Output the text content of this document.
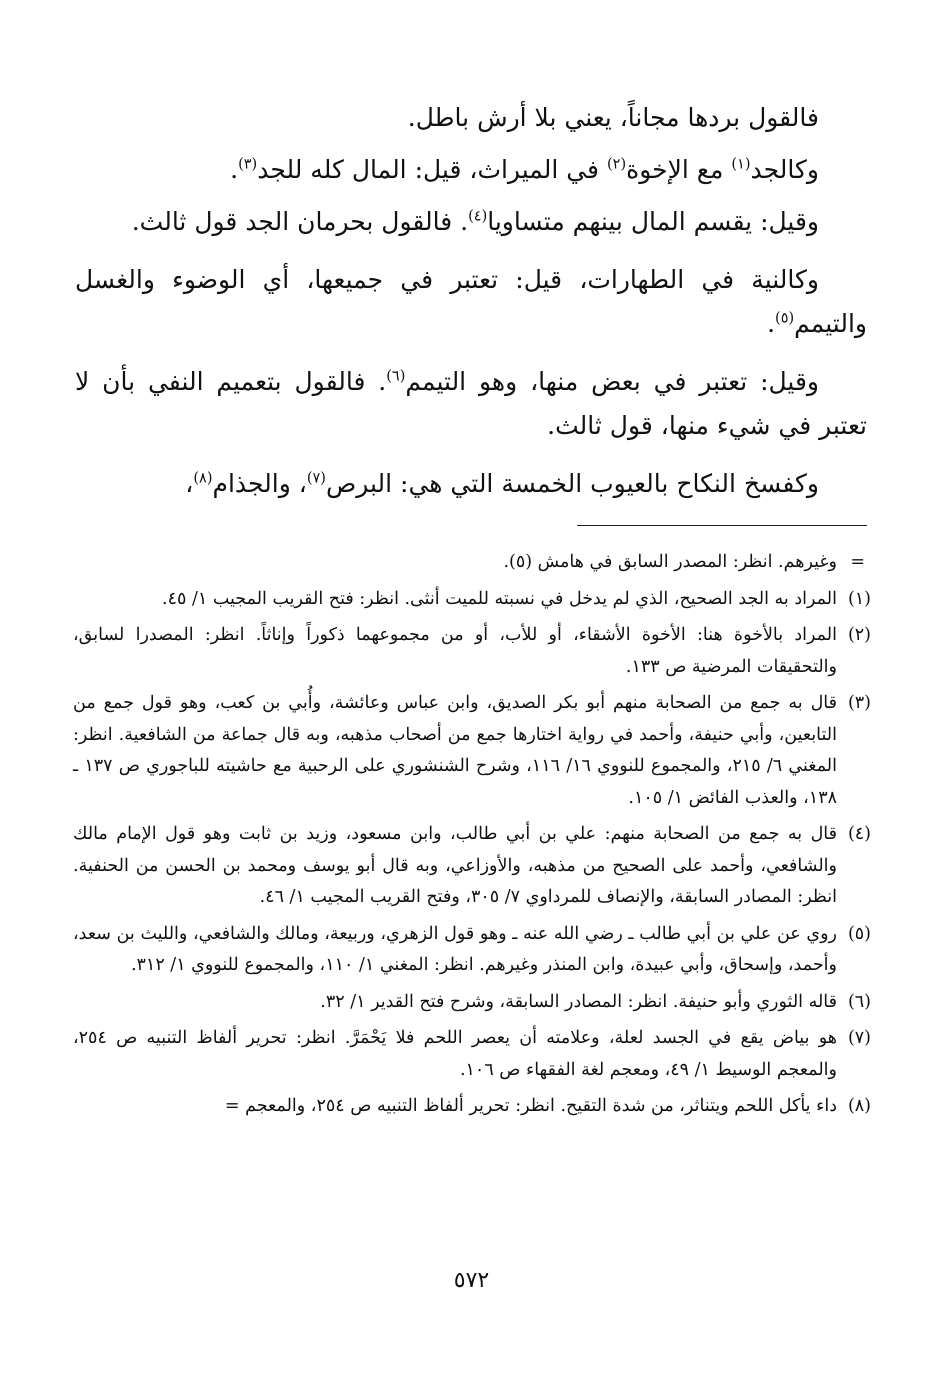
فالقول بردها مجاناً، يعني بلا أرش باطل.

وكالجد$^{(١)}$ مع الإخوة$^{(٢)}$ في الميراث، قيل: المال كله للجد$^{(٣)}$.

وقيل: يقسم المال بينهم متساويا$^{(٤)}$. فالقول بحرمان الجد قول ثالث.

وكالنية في الطهارات، قيل: تعتبر في جميعها، أي الوضوء والغسل والتيمم$^{(٥)}$.

وقيل: تعتبر في بعض منها، وهو التيمم$^{(٦)}$. فالقول بتعميم النفي بأن لا تعتبر في شيء منها، قول ثالث.

وكفسخ النكاح بالعيوب الخمسة التي هي: البرص$^{(٧)}$، والجذام$^{(٨)}$،

=
وغيرهم. انظر: المصدر السابق في هامش (٥).
(١)
المراد به الجد الصحيح، الذي لم يدخل في نسبته للميت أنثى. انظر: فتح القريب المجيب ١/ ٤٥.
(٢)
المراد بالأخوة هنا: الأخوة الأشقاء، أو للأب، أو من مجموعهما ذكوراً وإناثاً. انظر: المصدرا لسابق، والتحقيقات المرضية ص ١٣٣.
(٣)
قال به جمع من الصحابة منهم أبو بكر الصديق، وابن عباس وعائشة، وأُبي بن كعب، وهو قول جمع من التابعين، وأبي حنيفة، وأحمد في رواية اختارها جمع من أصحاب مذهبه، وبه قال جماعة من الشافعية. انظر: المغني ٦/ ٢١٥، والمجموع للنووي ١٦/ ١١٦، وشرح الشنشوري على الرحبية مع حاشيته للباجوري ص ١٣٧ ـ ١٣٨، والعذب الفائض ١/ ١٠٥.
(٤)
قال به جمع من الصحابة منهم: علي بن أبي طالب، وابن مسعود، وزيد بن ثابت وهو قول الإمام مالك والشافعي، وأحمد على الصحيح من مذهبه، والأوزاعي، وبه قال أبو يوسف ومحمد بن الحسن من الحنفية. انظر: المصادر السابقة، والإنصاف للمرداوي ٧/ ٣٠٥، وفتح القريب المجيب ١/ ٤٦.
(٥)
روي عن علي بن أبي طالب ـ رضي الله عنه ـ وهو قول الزهري، وربيعة، ومالك والشافعي، والليث بن سعد، وأحمد، وإسحاق، وأبي عبيدة، وابن المنذر وغيرهم. انظر: المغني ١/ ١١٠، والمجموع للنووي ١/ ٣١٢.
(٦)
قاله الثوري وأبو حنيفة. انظر: المصادر السابقة، وشرح فتح القدير ١/ ٣٢.
(٧)
هو بياض يقع في الجسد لعلة، وعلامته أن يعصر اللحم فلا يَحْمَرَّ. انظر: تحرير ألفاظ التنبيه ص ٢٥٤، والمعجم الوسيط ١/ ٤٩، ومعجم لغة الفقهاء ص ١٠٦.
(٨)
داء يأكل اللحم ويتناثر، من شدة التقيح. انظر: تحرير ألفاظ التنبيه ص ٢٥٤، والمعجم =
٥٧٢
